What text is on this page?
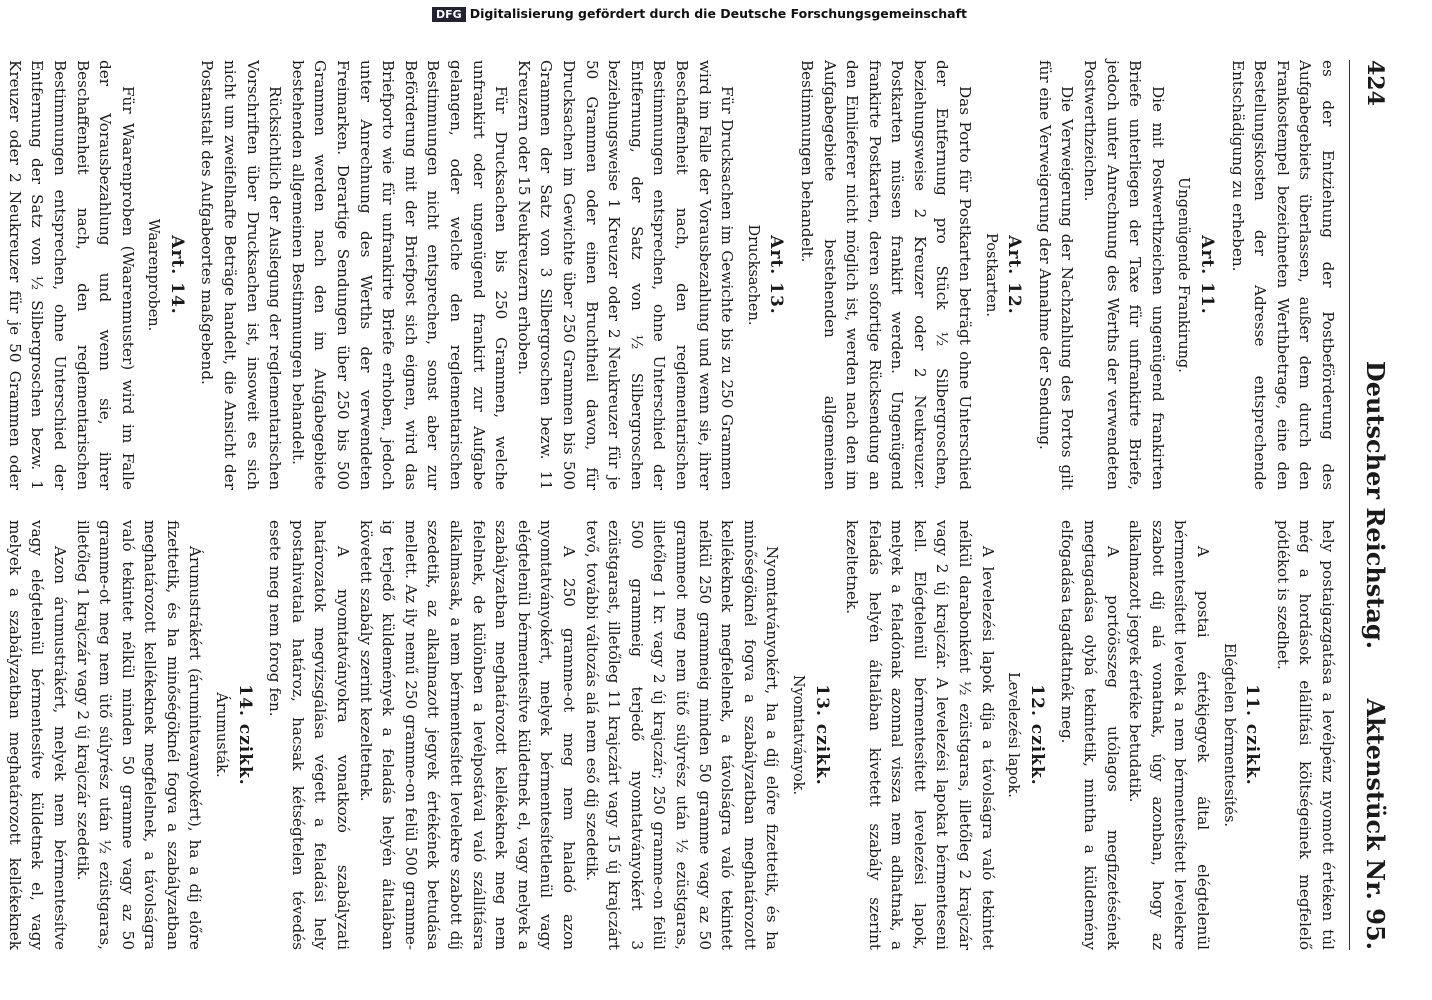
424
Deutscher Reichstag.
Aktenstück Nr. 95.

es der Entziehung der Postbeförderung des Aufgabegebiets überlassen, außer dem durch den Frankostempel bezeichneten Werthbetrage, eine den Bestellungskosten der Adresse entsprechende Entschädigung zu erheben.

Art. 11.
Ungenügende Frankirung.

Die mit Postwerthzeichen ungenügend frankirten Briefe unterliegen der Taxe für unfrankirte Briefe, jedoch unter Anrechnung des Werths der verwendeten Postwerthzeichen.

Die Verweigerung der Nachzahlung des Portos gilt für eine Verweigerung der Annahme der Sendung.

Art. 12.
Postkarten.

Das Porto für Postkarten beträgt ohne Unterschied der Entfernung pro Stück ½ Silbergroschen, beziehungsweise 2 Kreuzer oder 2 Neukreuzer. Postkarten müssen frankirt werden. Ungenügend frankirte Postkarten, deren sofortige Rücksendung an den Einlieferer nicht möglich ist, werden nach den im Aufgabegebiete bestehenden allgemeinen Bestimmungen behandelt.

Art. 13.
Drucksachen.

Für Drucksachen im Gewichte bis zu 250 Grammen wird im Falle der Vorausbezahlung und wenn sie, ihrer Beschaffenheit nach, den reglementarischen Bestimmungen entsprechen, ohne Unterschied der Entfernung, der Satz von ½ Silbergroschen beziehungsweise 1 Kreuzer oder 2 Neukreuzer für je 50 Grammen oder einen Bruchtheil davon, für Drucksachen im Gewichte über 250 Grammen bis 500 Grammen der Satz von 3 Silbergroschen bezw. 11 Kreuzern oder 15 Neukreuzern erhoben.

Für Drucksachen bis 250 Grammen, welche unfrankirt oder ungenügend frankirt zur Aufgabe gelangen, oder welche den reglementarischen Bestimmungen nicht entsprechen, sonst aber zur Beförderung mit der Briefpost sich eignen, wird das Briefporto wie für unfrankirte Briefe erhoben, jedoch unter Anrechnung des Werths der verwendeten Freimarken. Derartige Sendungen über 250 bis 500 Grammen werden nach den im Aufgabegebiete bestehenden allgemeinen Bestimmungen behandelt.

Rücksichtlich der Auslegung der reglementarischen Vorschriften über Drucksachen ist, insoweit es sich nicht um zweifelhafte Beträge handelt, die Ansicht der Postanstalt des Aufgabeortes maßgebend.

Art. 14.
Waarenproben.

Für Waarenproben (Waarenmuster) wird im Falle der Vorausbezahlung und wenn sie, ihrer Beschaffenheit nach, den reglementarischen Bestimmungen entsprechen, ohne Unterschied der Entfernung der Satz von ½ Silbergroschen bezw. 1 Kreuzer oder 2 Neukreuzer für je 50 Grammen oder

hely postaigazgatása a levélpénz nyomott értéken túl még a hordások elállítási költségeinek megfelelő pótlékot is szedhet.

11. czikk.
Elégtelen bérmentesítés.

A postai értékjegyek által elégtelenül bérmentesített levelek a nem bérmentesített levelekre szabott díj alá vonatnak, úgy azonban, hogy az alkalmazott jegyek értéke betudatik.

A portóösszeg utólagos megfizetésének megtagadása olybá tekintetik, mintha a küldemény elfogadása tagadtatnék meg.

12. czikk.
Levelezési lapok.

A levelezési lapok díja a távolságra való tekintet nélkül darabonként ½ ezüstgaras, illetőleg 2 krajczár vagy 2 új krajczár. A levelezési lapokat bérmenteseni kell. Elégtelenül bérmentesített levelezési lapok, melyek a feladónak azonnal vissza nem adhatnak, a feladás helyén általában kivetett szabály szerint kezeltetnek.

13. czikk.
Nyomtatványok.

Nyomtatványokért, ha a díj előre fizettetik, és ha minőségöknél fogva a szabályzatban meghatározott kellékeknek megfelelnek, a távolságra való tekintet nélkül 250 grammeig minden 50 gramme vagy az 50 grammeot meg nem ütő súlyrész után ½ ezüstgaras, illetőleg 1 kr. vagy 2 új krajczár; 250 gramme-on felül 500 grammeig terjedő nyomtatványokért 3 ezüstgarast, illetőleg 11 krajczárt vagy 15 új krajczárt tevő, további változás alá nem eső díj szedetik.

A 250 gramme-ot meg nem haladó azon nyomtatványokért, melyek bérmentesítetlenül vagy elégtelenül bérmentesítve küldetnek el, vagy melyek a szabályzatban meghatározott kellékeknek meg nem felelnek, de különben a levélpostával való szállításra alkalmasak, a nem bérmentesített levelekre szabott díj szedetik, az alkalmazott jegyek értékének betudása mellett. Az ily nemű 250 gramme-on felül 500 gramme-ig terjedő küldemények a feladás helyén általában követett szabály szerint kezeltetnek.

A nyomtatványokra vonatkozó szabályzati határozatok megvizsgálása végett a feladási hely postahivatala határoz, hacsak kétségtelen tévedés esete meg nem forog fen.

14. czikk.
Árumusták.

Árumustrákért (árumintavanyokért), ha a díj előre fizettetik, és ha minőségöknél fogva a szabályzatban meghatározott kellékeknek megfelelnek, a távolságra való tekintet nélkül minden 50 gramme vagy az 50 gramme-ot meg nem ütő súlyrész után ½ ezüstgaras, illetőleg 1 krajczár vagy 2 új krajczár szedetik.

Azon árumustrákért, melyek nem bérmentesítve vagy elégtelenül bérmentesítve küldetnek el, vagy melyek a szabályzatban meghatározott kellékeknek

DFG Digitalisierung gefördert durch die Deutsche Forschungsgemeinschaft
